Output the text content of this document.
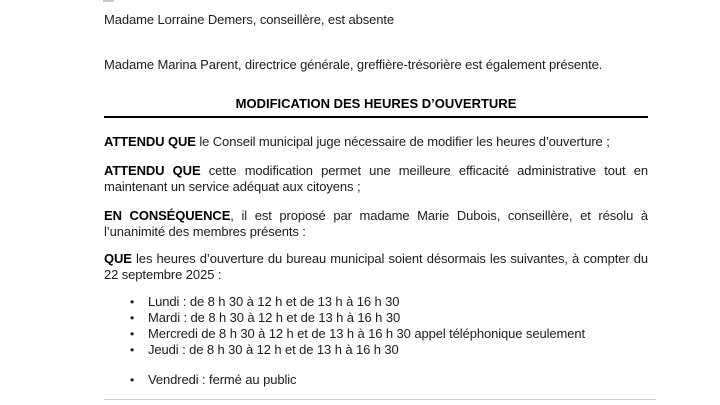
Madame Lorraine Demers, conseillère, est absente

Madame Marina Parent, directrice générale, greffière-trésorière est également présente.

MODIFICATION DES HEURES D’OUVERTURE

ATTENDU QUE le Conseil municipal juge nécessaire de modifier les heures d’ouverture ;

ATTENDU QUE cette modification permet une meilleure efficacité administrative tout en maintenant un service adéquat aux citoyens ;

EN CONSÉQUENCE, il est proposé par madame Marie Dubois, conseillère, et résolu à l’unanimité des membres présents :

QUE les heures d’ouverture du bureau municipal soient désormais les suivantes, à compter du 22 septembre 2025 :

• Lundi : de 8 h 30 à 12 h et de 13 h à 16 h 30
• Mardi : de 8 h 30 à 12 h et de 13 h à 16 h 30
• Mercredi de 8 h 30 à 12 h et de 13 h à 16 h 30 appel téléphonique seulement
• Jeudi : de 8 h 30 à 12 h et de 13 h à 16 h 30
• Vendredi : fermé au public
